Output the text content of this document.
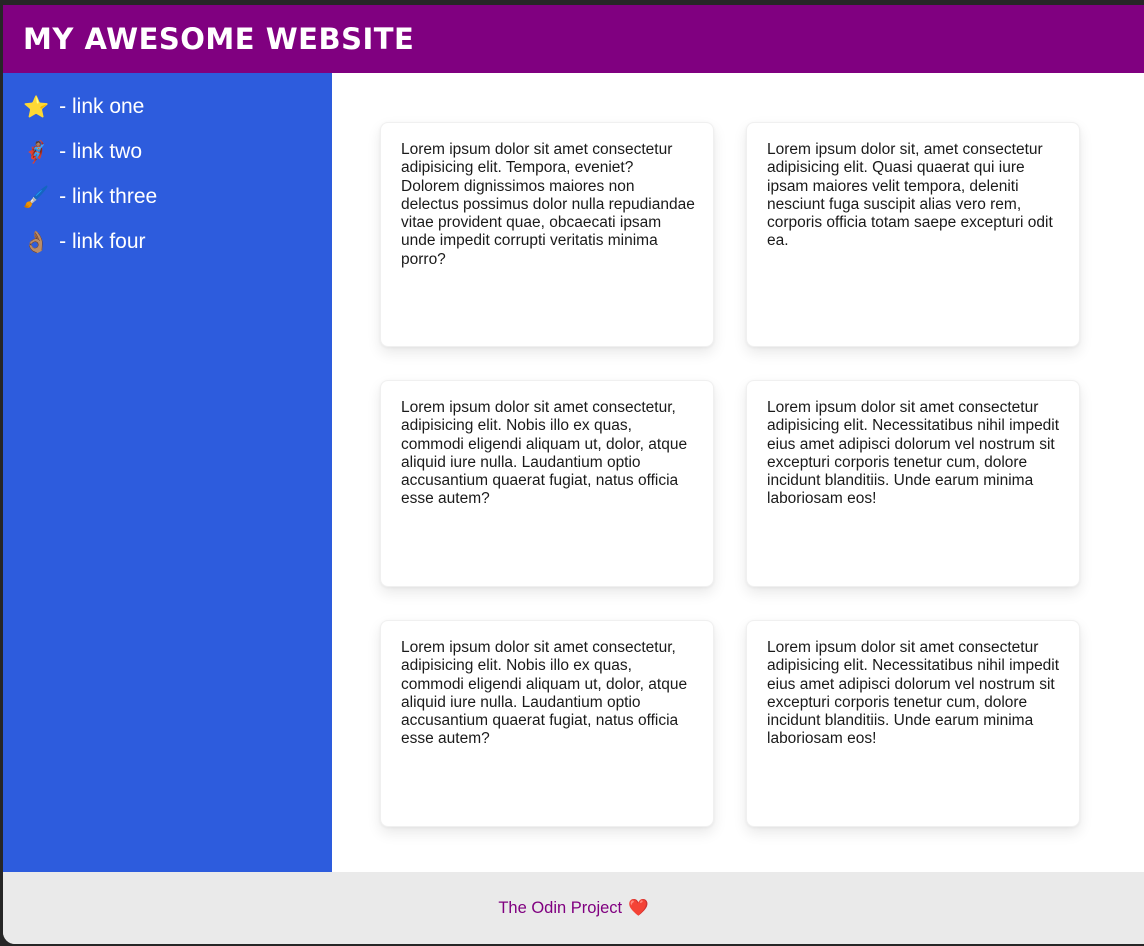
MY AWESOME WEBSITE
⭐ - link one
🦸🏽 - link two
🖌️ - link three
👌🏽 - link four
Lorem ipsum dolor sit amet consectetur adipisicing elit. Tempora, eveniet? Dolorem dignissimos maiores non delectus possimus dolor nulla repudiandae vitae provident quae, obcaecati ipsam unde impedit corrupti veritatis minima porro?
Lorem ipsum dolor sit, amet consectetur adipisicing elit. Quasi quaerat qui iure ipsam maiores velit tempora, deleniti nesciunt fuga suscipit alias vero rem, corporis officia totam saepe excepturi odit ea.
Lorem ipsum dolor sit amet consectetur, adipisicing elit. Nobis illo ex quas, commodi eligendi aliquam ut, dolor, atque aliquid iure nulla. Laudantium optio accusantium quaerat fugiat, natus officia esse autem?
Lorem ipsum dolor sit amet consectetur adipisicing elit. Necessitatibus nihil impedit eius amet adipisci dolorum vel nostrum sit excepturi corporis tenetur cum, dolore incidunt blanditiis. Unde earum minima laboriosam eos!
Lorem ipsum dolor sit amet consectetur, adipisicing elit. Nobis illo ex quas, commodi eligendi aliquam ut, dolor, atque aliquid iure nulla. Laudantium optio accusantium quaerat fugiat, natus officia esse autem?
Lorem ipsum dolor sit amet consectetur adipisicing elit. Necessitatibus nihil impedit eius amet adipisci dolorum vel nostrum sit excepturi corporis tenetur cum, dolore incidunt blanditiis. Unde earum minima laboriosam eos!
The Odin Project ❤️
